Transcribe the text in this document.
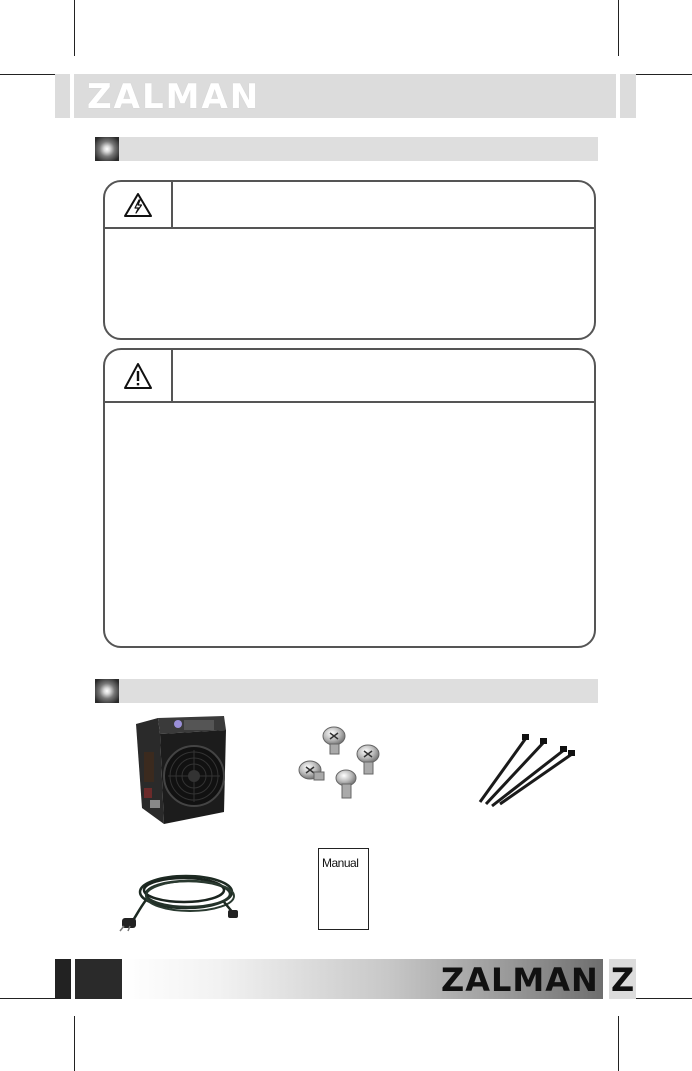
ZALMAN
Manual
ZALMAN Z
